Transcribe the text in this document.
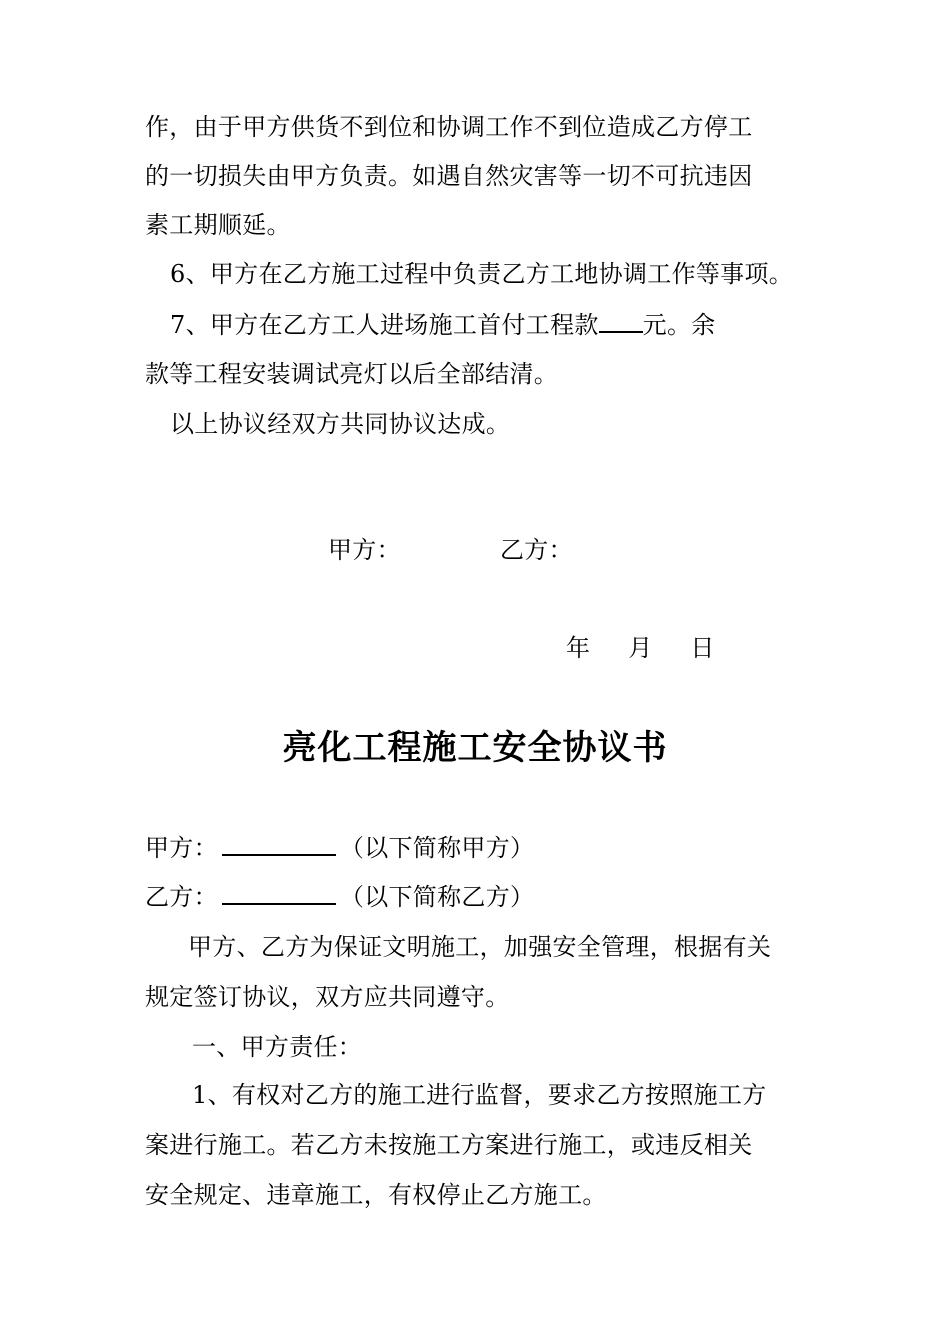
作，由于甲方供货不到位和协调工作不到位造成乙方停工
的一切损失由甲方负责。如遇自然灾害等一切不可抗违因
素工期顺延。
6、甲方在乙方施工过程中负责乙方工地协调工作等事项。
7、甲方在乙方工人进场施工首付工程款 元。余
款等工程安装调试亮灯以后全部结清。
以上协议经双方共同协议达成。
甲方：	乙方：
年 月 日
亮化工程施工安全协议书
甲方：	（以下简称甲方）
乙方：	（以下简称乙方）
甲方、乙方为保证文明施工，加强安全管理，根据有关
规定签订协议，双方应共同遵守。
一、甲方责任：
1、有权对乙方的施工进行监督，要求乙方按照施工方
案进行施工。若乙方未按施工方案进行施工，或违反相关
安全规定、违章施工，有权停止乙方施工。
